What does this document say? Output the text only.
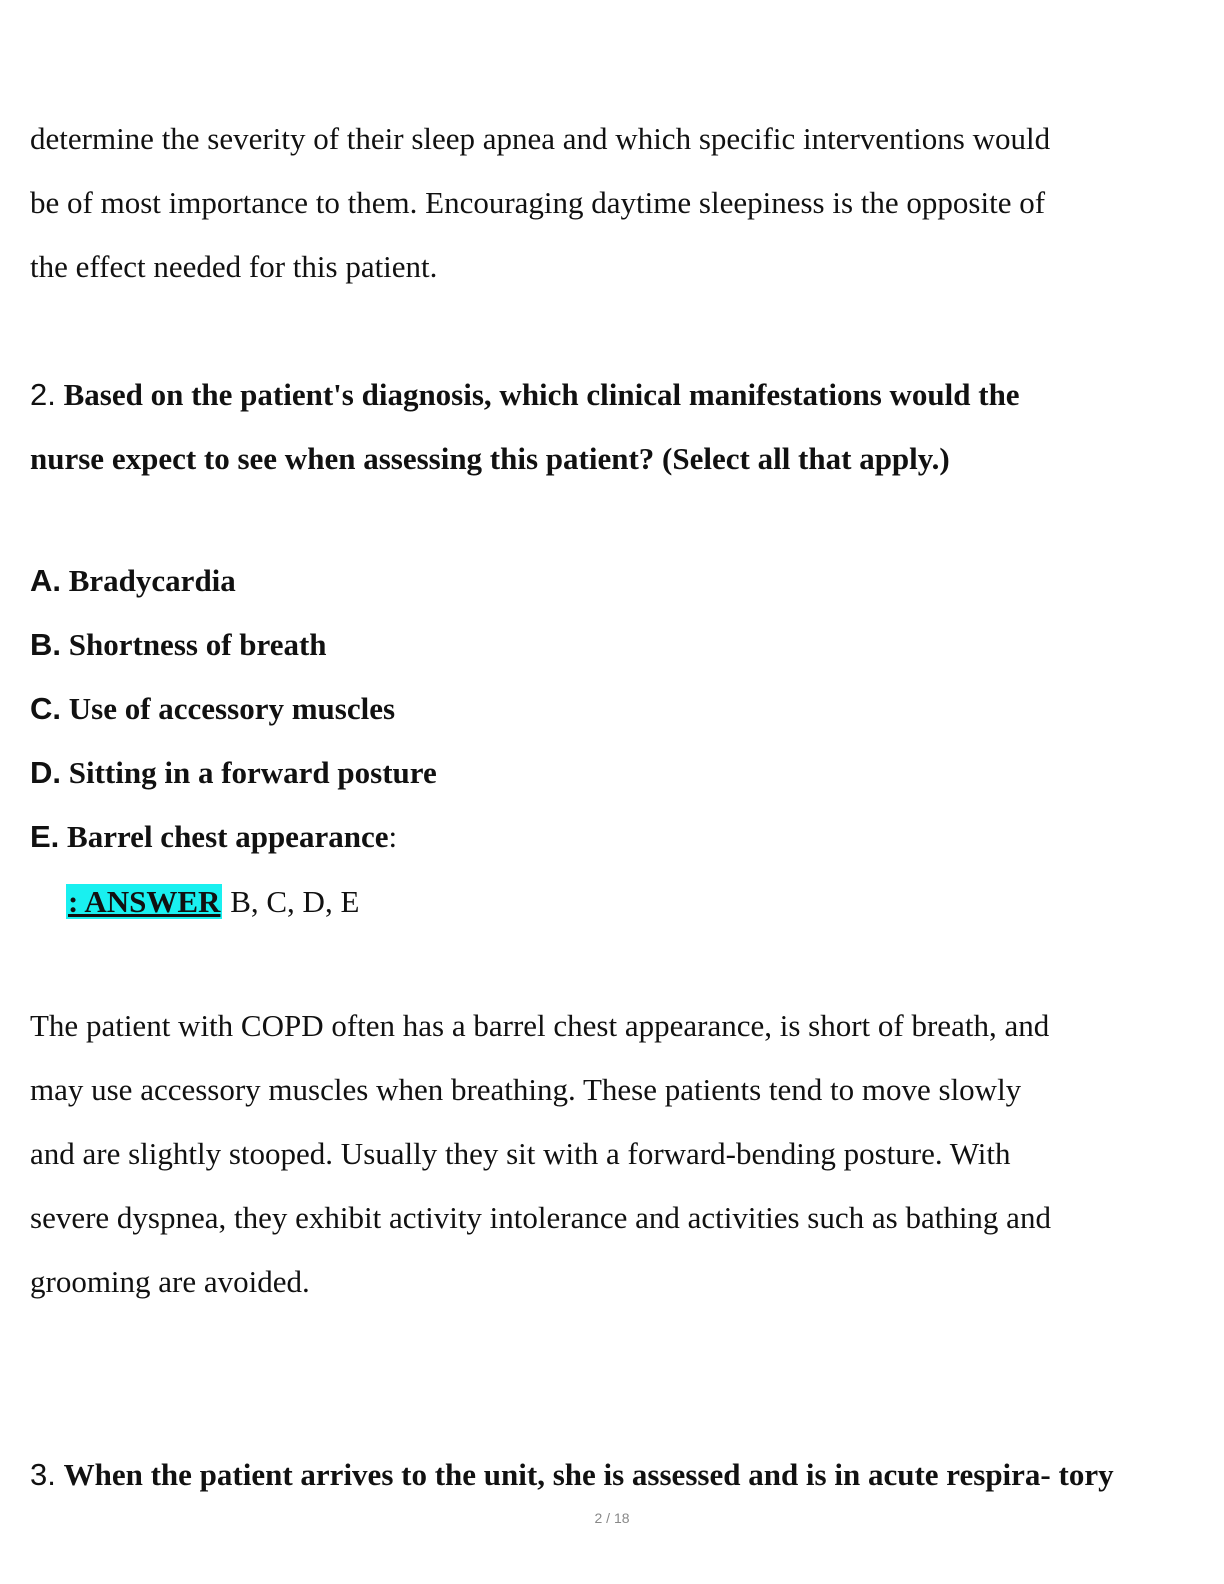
determine the severity of their sleep apnea and which specific interventions would
be of most importance to them. Encouraging daytime sleepiness is the opposite of
the effect needed for this patient.
2. Based on the patient's diagnosis, which clinical manifestations would the
nurse expect to see when assessing this patient? (Select all that apply.)
A. Bradycardia
B. Shortness of breath
C. Use of accessory muscles
D. Sitting in a forward posture
E. Barrel chest appearance:
: ANSWER B, C, D, E
The patient with COPD often has a barrel chest appearance, is short of breath, and
may use accessory muscles when breathing. These patients tend to move slowly
and are slightly stooped. Usually they sit with a forward-bending posture. With
severe dyspnea, they exhibit activity intolerance and activities such as bathing and
grooming are avoided.
3. When the patient arrives to the unit, she is assessed and is in acute respira- tory
2 / 18
